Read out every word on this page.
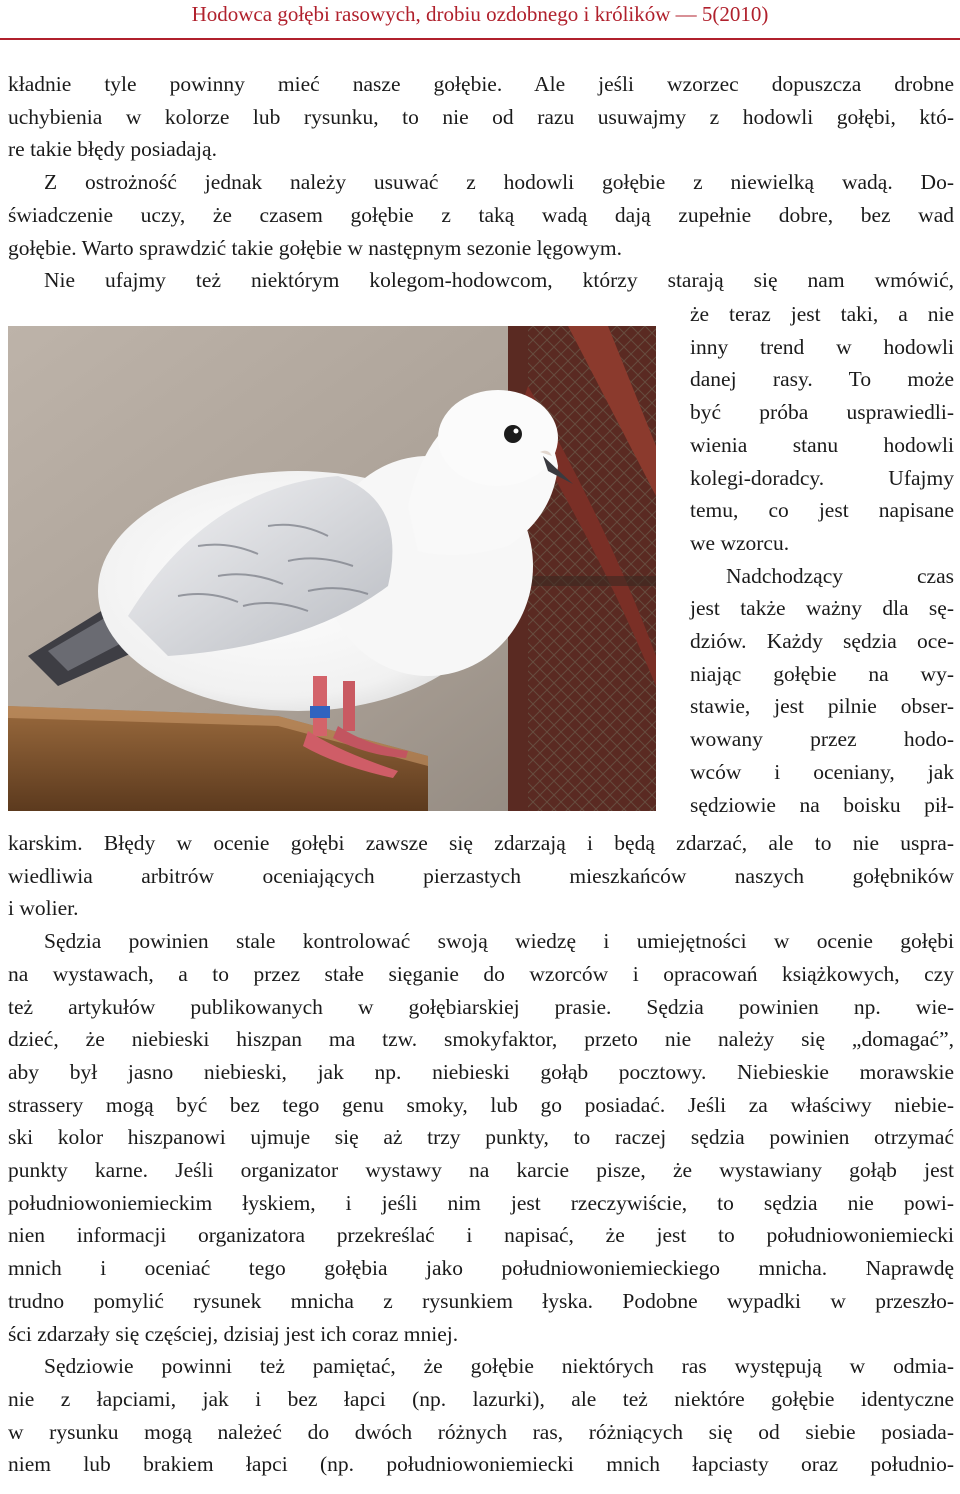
Hodowca gołębi rasowych, drobiu ozdobnego i królików — 5(2010)
kładnie tyle powinny mieć nasze gołębie. Ale jeśli wzorzec dopuszcza drobne
uchybienia w kolorze lub rysunku, to nie od razu usuwajmy z hodowli gołębi, któ-
re takie błędy posiadają.
Z ostrożność jednak należy usuwać z hodowli gołębie z niewielką wadą. Do-
świadczenie uczy, że czasem gołębie z taką wadą dają zupełnie dobre, bez wad
gołębie. Warto sprawdzić takie gołębie w następnym sezonie lęgowym.
Nie ufajmy też niektórym kolegom-hodowcom, którzy starają się nam wmówić,
że teraz jest taki, a nie
inny trend w hodowli
danej rasy. To może
być próba usprawiedli-
wienia stanu hodowli
kolegi-doradcy. Ufajmy
temu, co jest napisane
we wzorcu.
Nadchodzący czas
jest także ważny dla sę-
dziów. Każdy sędzia oce-
niając gołębie na wy-
stawie, jest pilnie obser-
wowany przez hodo-
wców i oceniany, jak
sędziowie na boisku pił-
karskim. Błędy w ocenie gołębi zawsze się zdarzają i będą zdarzać, ale to nie uspra-
wiedliwia arbitrów oceniających pierzastych mieszkańców naszych gołębników
i wolier.
Sędzia powinien stale kontrolować swoją wiedzę i umiejętności w ocenie gołębi
na wystawach, a to przez stałe sięganie do wzorców i opracowań książkowych, czy
też artykułów publikowanych w gołębiarskiej prasie. Sędzia powinien np. wie-
dzieć, że niebieski hiszpan ma tzw. smokyfaktor, przeto nie należy się „domagać”,
aby był jasno niebieski, jak np. niebieski gołąb pocztowy. Niebieskie morawskie
strassery mogą być bez tego genu smoky, lub go posiadać. Jeśli za właściwy niebie-
ski kolor hiszpanowi ujmuje się aż trzy punkty, to raczej sędzia powinien otrzymać
punkty karne. Jeśli organizator wystawy na karcie pisze, że wystawiany gołąb jest
południowoniemieckim łyskiem, i jeśli nim jest rzeczywiście, to sędzia nie powi-
nien informacji organizatora przekreślać i napisać, że jest to południowoniemiecki
mnich i oceniać tego gołębia jako południowoniemieckiego mnicha. Naprawdę
trudno pomylić rysunek mnicha z rysunkiem łyska. Podobne wypadki w przeszło-
ści zdarzały się częściej, dzisiaj jest ich coraz mniej.
Sędziowie powinni też pamiętać, że gołębie niektórych ras występują w odmia-
nie z łapciami, jak i bez łapci (np. lazurki), ale też niektóre gołębie identyczne
w rysunku mogą należeć do dwóch różnych ras, różniących się od siebie posiada-
niem lub brakiem łapci (np. południowoniemiecki mnich łapciasty oraz południo-
